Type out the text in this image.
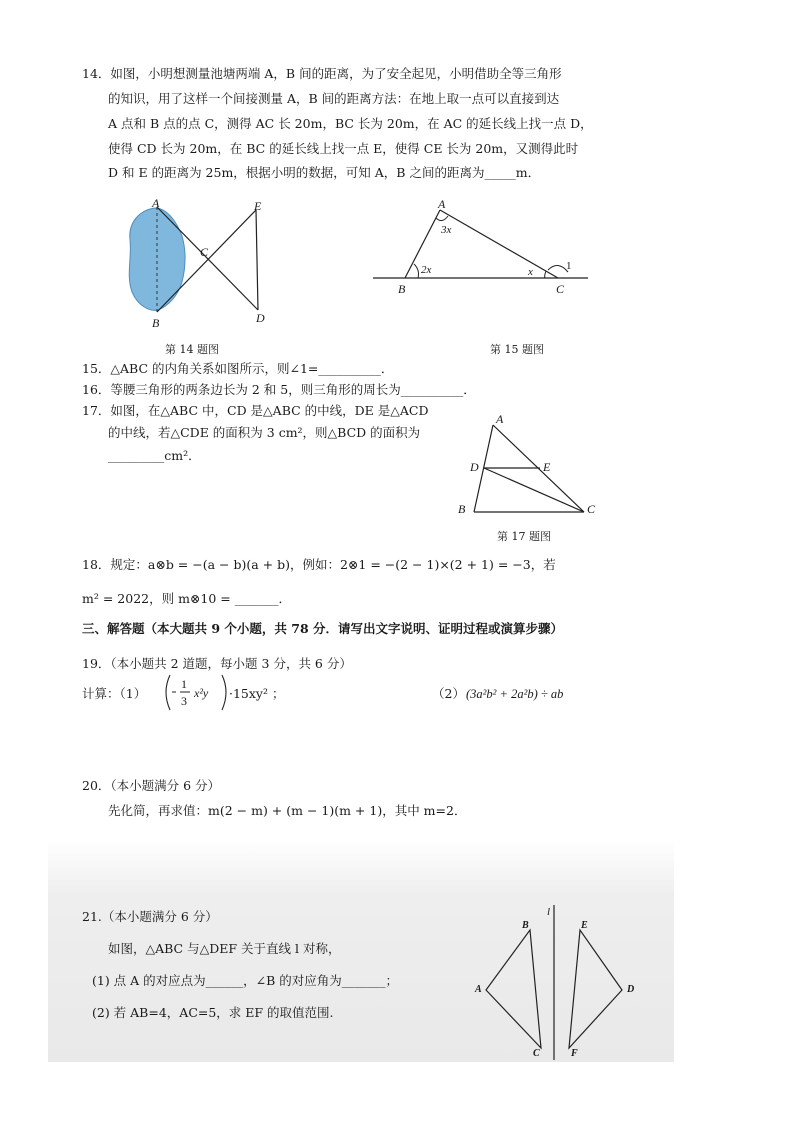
14．如图，小明想测量池塘两端 A，B 间的距离，为了安全起见，小明借助全等三角形
的知识，用了这样一个间接测量 A，B 间的距离方法：在地上取一点可以直接到达
A 点和 B 点的点 C，测得 AC 长 20m，BC 长为 20m，在 AC 的延长线上找一点 D，
使得 CD 长为 20m，在 BC 的延长线上找一点 E，使得 CE 长为 20m，又测得此时
D 和 E 的距离为 25m，根据小明的数据，可知 A，B 之间的距离为_____m．
A	E
C
B	D
第 14 题图
A
3x
2x	x	1
B	C
第 15 题图
15．△ABC 的内角关系如图所示，则∠1=__________．
16．等腰三角形的两条边长为 2 和 5，则三角形的周长为__________．
17．如图，在△ABC 中，CD 是△ABC 的中线，DE 是△ACD
的中线，若△CDE 的面积为 3 cm²，则△BCD 的面积为
_________cm²．
A
D	E
B	C
第 17 题图
18．规定：a⊗b = −(a − b)(a + b)，例如：2⊗1 = −(2 − 1)×(2 + 1) = −3，若
m² = 2022，则 m⊗10 = _______．
三、解答题（本大题共 9 个小题，共 78 分．请写出文字说明、证明过程或演算步骤）
19．（本小题共 2 道题，每小题 3 分，共 6 分）
计算：（1）
1
3
x²y ·15xy² ；	（2） (3a²b² + 2a²b) ÷ ab
20．（本小题满分 6 分）
先化简，再求值：m(2 − m) + (m − 1)(m + 1)，其中 m=2．
21.（本小题满分 6 分）
如图，△ABC 与△DEF 关于直线 l 对称，
(1) 点 A 的对应点为______，∠B 的对应角为_______；
(2) 若 AB=4，AC=5，求 EF 的取值范围.
l
B	E
A	D
C	F
